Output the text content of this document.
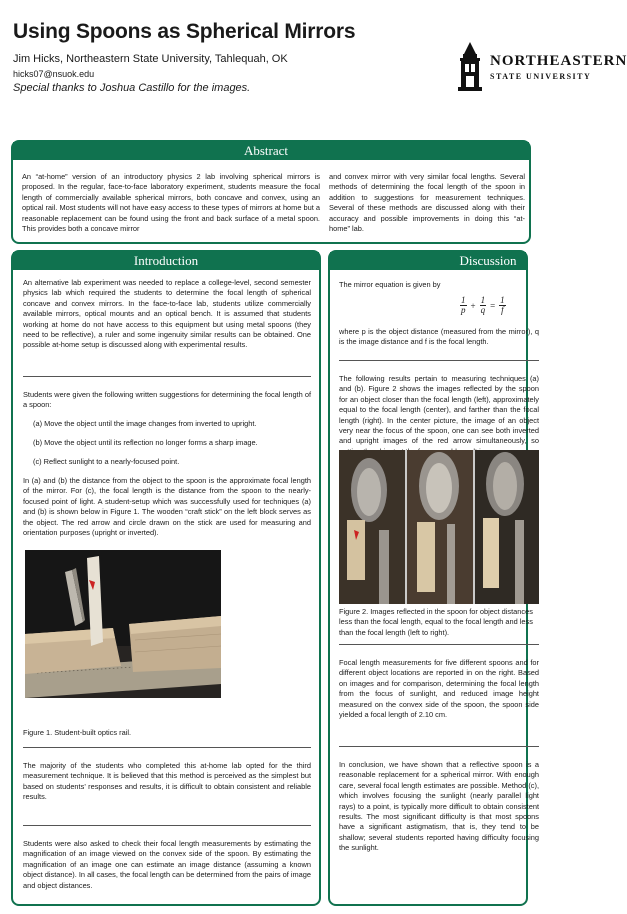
Using Spoons as Spherical Mirrors
Jim Hicks, Northeastern State University, Tahlequah, OK
hicks07@nsuok.edu
Special thanks to Joshua Castillo for the images.
NORTHEASTERN
STATE UNIVERSITY
Abstract
An “at-home” version of an introductory physics 2 lab involving spherical mirrors is proposed. In the regular, face-to-face laboratory experiment, students measure the focal length of commercially available spherical mirrors, both concave and convex, using an optical rail. Most students will not have easy access to these types of mirrors at home but a reasonable replacement can be found using the front and back surface of a metal spoon. This provides both a concave mirror
and convex mirror with very similar focal lengths. Several methods of determining the focal length of the spoon in addition to suggestions for measurement techniques. Several of these methods are discussed along with their accuracy and possible improvements in doing this “at-home” lab.
Introduction
An alternative lab experiment was needed to replace a college-level, second semester physics lab which required the students to determine the focal length of spherical concave and convex mirrors. In the face-to-face lab, students utilize commercially available mirrors, optical mounts and an optical bench. It is assumed that students working at home do not have access to this equipment but using metal spoons (they need to be reflective), a ruler and some ingenuity similar results can be obtained. One possible at-home setup is discussed along with experimental results.
Students were given the following written suggestions for determining the focal length of a spoon:
(a) Move the object until the image changes from inverted to upright.
(b) Move the object until its reflection no longer forms a sharp image.
(c) Reflect sunlight to a nearly-focused point.
In (a) and (b) the distance from the object to the spoon is the approximate focal length of the mirror. For (c), the focal length is the distance from the spoon to the nearly-focused point of light. A student-setup which was successfully used for techniques (a) and (b) is shown below in Figure 1. The wooden “craft stick” on the left block serves as the object. The red arrow and circle drawn on the stick are used for measuring and orientation purposes (upright or inverted).
Figure 1. Student-built optics rail.
The majority of the students who completed this at-home lab opted for the third measurement technique. It is believed that this method is perceived as the simplest but based on students’ responses and results, it is difficult to obtain consistent and reliable results.
Students were also asked to check their focal length measurements by estimating the magnification of an image viewed on the convex side of the spoon. By estimating the magnification of an image one can estimate an image distance (assuming a known object distance). In all cases, the focal length can be determined from the pairs of image and object distances.
Discussion
The mirror equation is given by
$\frac{1}{p} + \frac{1}{q} = \frac{1}{f}$
where p is the object distance (measured from the mirror), q is the image distance and f is the focal length.
The following results pertain to measuring techniques (a) and (b). Figure 2 shows the images reflected by the spoon for an object closer than the focal length (left), approximately equal to the focal length (center), and farther than the focal length (right). In the center picture, the image of an object very near the focus of the spoon, one can see both inverted and upright images of the red arrow simultaneously, so
Figure 2. Images reflected in the spoon for object distances less than the focal length, equal to the focal length and less than the focal length (left to right).
Focal length measurements for five different spoons and for different object locations are reported in on the right. Based on images and for comparison, determining the focal length from the focus of sunlight, and reduced image height measured on the convex side of the spoon, the spoon side yielded a focal length of 2.10 cm.
In conclusion, we have shown that a reflective spoon is a reasonable replacement for a spherical mirror. With enough care, several focal length estimates are possible. Method (c), which involves focusing the sunlight (nearly parallel light rays) to a point, is typically more difficult to obtain consistent results. The most significant difficulty is that most spoons have a significant astigmatism, that is, they tend to be shallow; several students reported having difficulty focusing the sunlight.
